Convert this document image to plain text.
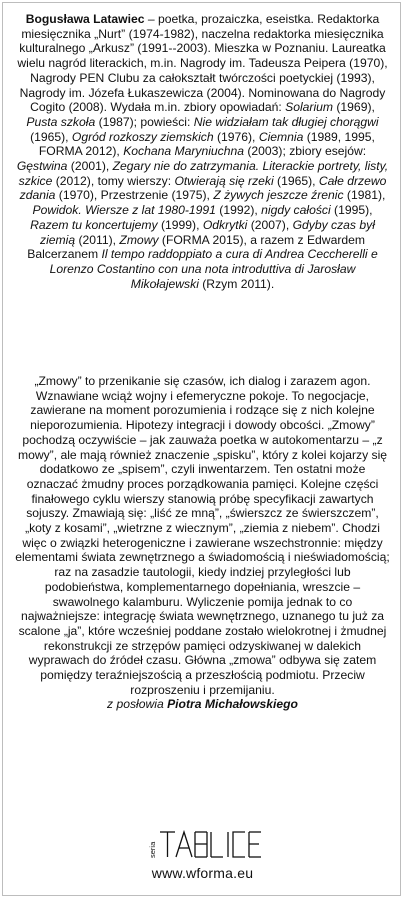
Bogusława Latawiec – poetka, prozaiczka, eseistka. Redaktorka miesięcznika „Nurt” (1974-1982), naczelna redaktorka miesięcznika kulturalnego „Arkusz” (1991--2003). Mieszka w Poznaniu. Laureatka wielu nagród literackich, m.in. Nagrody im. Tadeusza Peipera (1970), Nagrody PEN Clubu za całokształt twórczości poetyckiej (1993), Nagrody im. Józefa Łukaszewicza (2004). Nominowana do Nagrody Cogito (2008). Wydała m.in. zbiory opowiadań: Solarium (1969), Pusta szkoła (1987); powieści: Nie widziałam tak długiej chorągwi (1965), Ogród rozkoszy ziemskich (1976), Ciemnia (1989, 1995, FORMA 2012), Kochana Maryniuchna (2003); zbiory esejów: Gęstwina (2001), Zegary nie do zatrzymania. Literackie portrety, listy, szkice (2012), tomy wierszy: Otwierają się rzeki (1965), Całe drzewo zdania (1970), Przestrzenie (1975), Z żywych jeszcze źrenic (1981), Powidok. Wiersze z lat 1980-1991 (1992), nigdy całości (1995), Razem tu koncertujemy (1999), Odkrytki (2007), Gdyby czas był ziemią (2011), Zmowy (FORMA 2015), a razem z Edwardem Balcerzanem Il tempo raddoppiato a cura di Andrea Ceccherelli e Lorenzo Costantino con una nota introduttiva di Jarosław Mikołajewski (Rzym 2011).

„Zmowy” to przenikanie się czasów, ich dialog i zarazem agon. Wznawiane wciąż wojny i efemeryczne pokoje. To negocjacje, zawierane na moment porozumienia i rodzące się z nich kolejne nieporozumienia. Hipotezy integracji i dowody obcości. „Zmowy” pochodzą oczywiście – jak zauważa poetka w autokomentarzu – „z mowy”, ale mają również znaczenie „spisku”, który z kolei kojarzy się dodatkowo ze „spisem”, czyli inwentarzem. Ten ostatni może oznaczać żmudny proces porządkowania pamięci. Kolejne części finałowego cyklu wierszy stanowią próbę specyfikacji zawartych sojuszy. Zmawiają się: „liść ze mną”, „świerszcz ze świerszczem”, „koty z kosami”, „wietrzne z wiecznym”, „ziemia z niebem”. Chodzi więc o związki heterogeniczne i zawierane wszechstronnie: między elementami świata zewnętrznego a świadomością i nieświadomością; raz na zasadzie tautologii, kiedy indziej przyległości lub podobieństwa, komplementarnego dopełniania, wreszcie – swawolnego kalamburu. Wyliczenie pomija jednak to co najważniejsze: integrację świata wewnętrznego, uznanego tu już za scalone „ja”, które wcześniej poddane zostało wielokrotnej i żmudnej rekonstrukcji ze strzępów pamięci odzyskiwanej w dalekich wyprawach do źródeł czasu. Główna „zmowa” odbywa się zatem pomiędzy teraźniejszością a przeszłością podmiotu. Przeciw rozproszeniu i przemijaniu.
z posłowia Piotra Michałowskiego

seria
TABLICE

www.wforma.eu
